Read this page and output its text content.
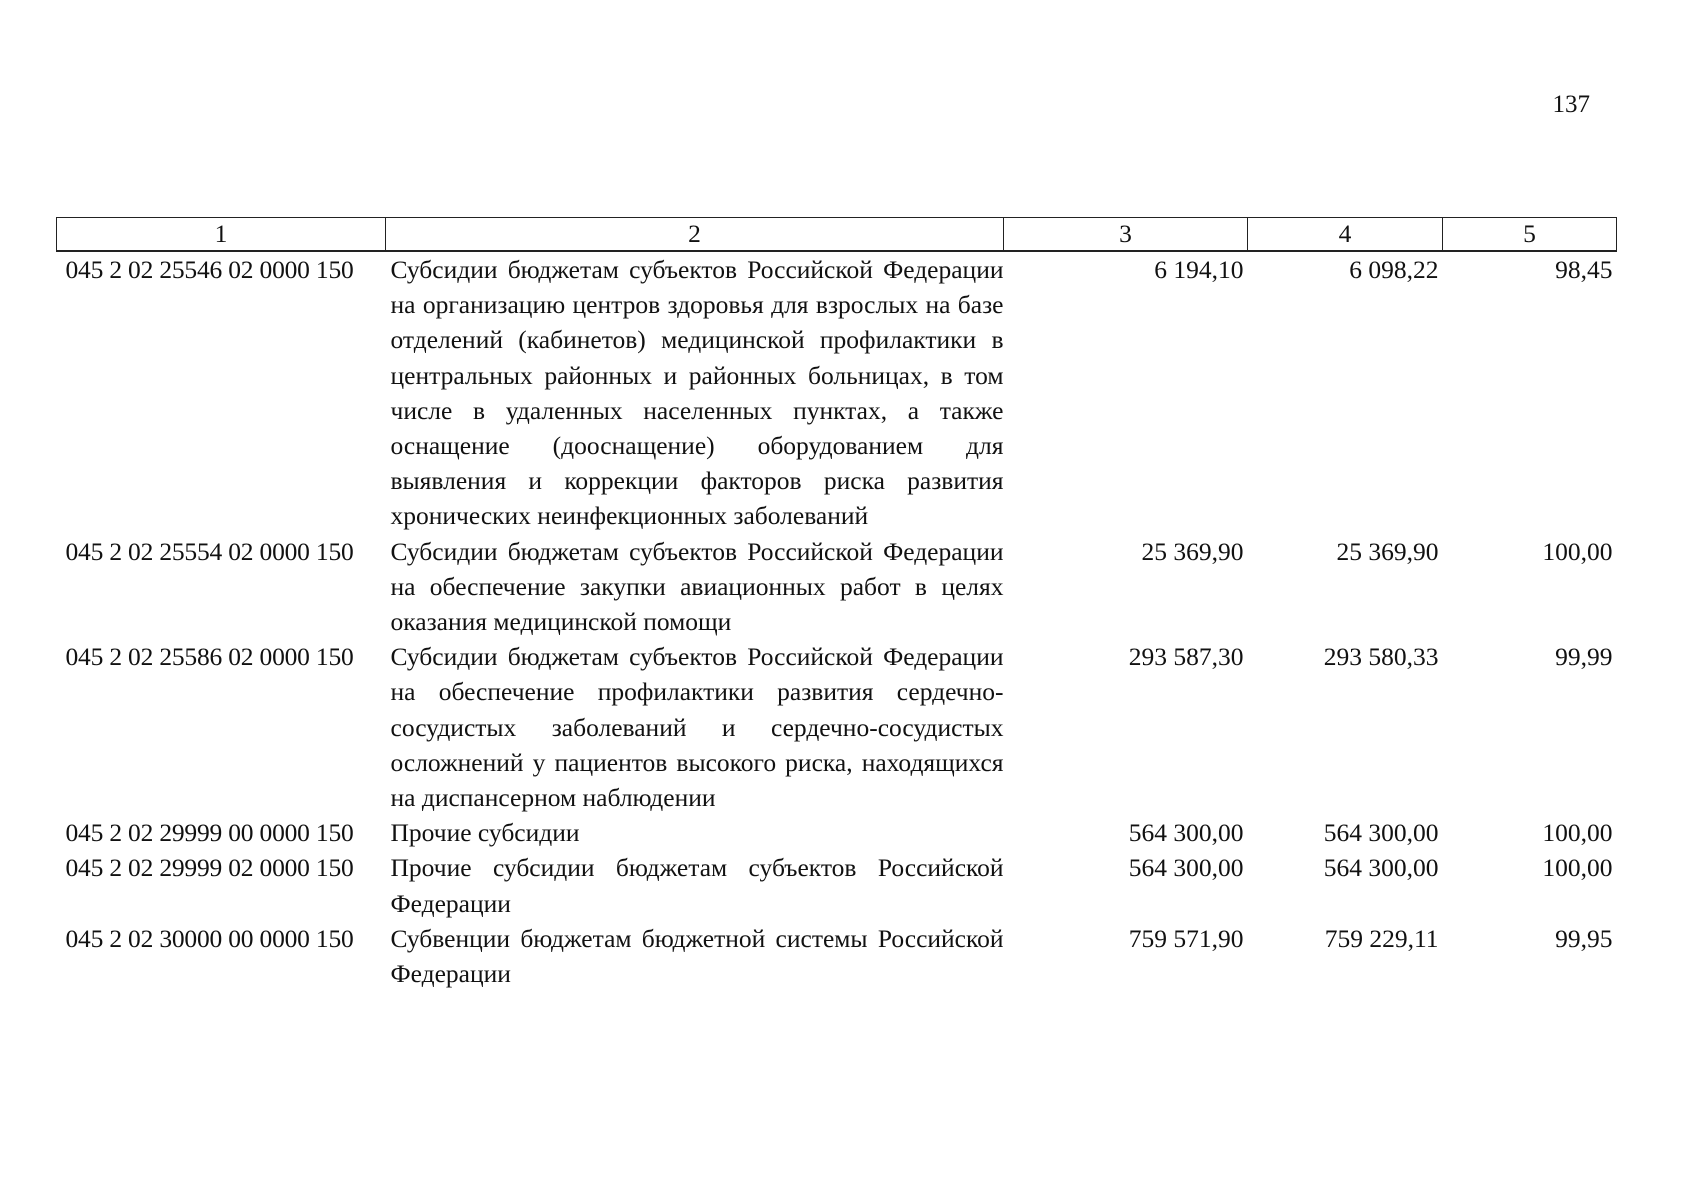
137
1	2	3	4	5
045 2 02 25546 02 0000 150	Субсидии бюджетам субъектов Российской Федерации на организацию центров здоровья для взрослых на базе отделений (кабинетов) медицинской профилактики в центральных районных и районных больницах, в том числе в удаленных населенных пунктах, а также оснащение (дооснащение) оборудованием для выявления и коррекции факторов риска развития хронических неинфекционных заболеваний	6 194,10	6 098,22	98,45
045 2 02 25554 02 0000 150	Субсидии бюджетам субъектов Российской Федерации на обеспечение закупки авиационных работ в целях оказания медицинской помощи	25 369,90	25 369,90	100,00
045 2 02 25586 02 0000 150	Субсидии бюджетам субъектов Российской Федерации на обеспечение профилактики развития сердечно-сосудистых заболеваний и сердечно-сосудистых осложнений у пациентов высокого риска, находящихся на диспансерном наблюдении	293 587,30	293 580,33	99,99
045 2 02 29999 00 0000 150	Прочие субсидии	564 300,00	564 300,00	100,00
045 2 02 29999 02 0000 150	Прочие субсидии бюджетам субъектов Российской Федерации	564 300,00	564 300,00	100,00
045 2 02 30000 00 0000 150	Субвенции бюджетам бюджетной системы Российской Федерации	759 571,90	759 229,11	99,95
